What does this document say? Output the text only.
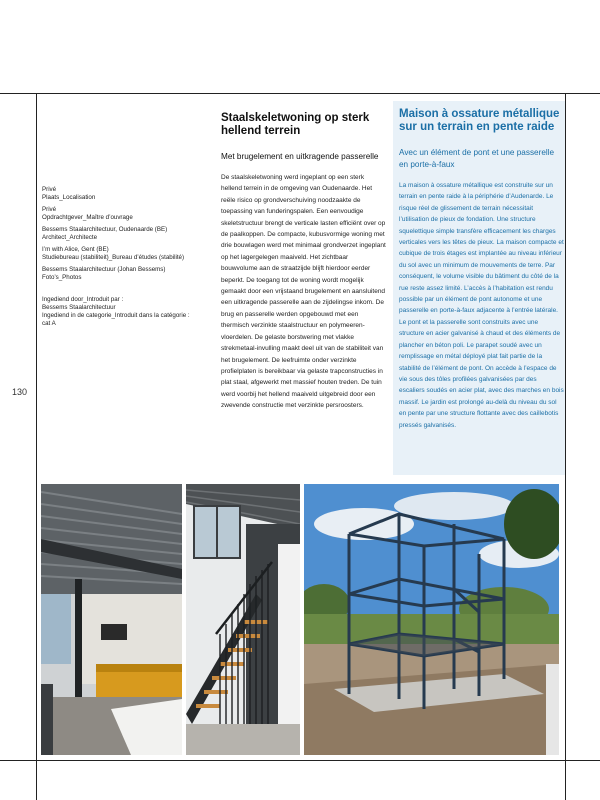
130
Privé
Plaats_Localisation
Privé
Opdrachtgever_Maître d’ouvrage
Bessems Staalarchitectuur, Oudenaarde (BE)
Architect_Architecte
I’m with Alice, Gent (BE)
Studiebureau (stabiliteit)_Bureau d’études (stabilité)
Bessems Staalarchitectuur (Johan Bessems)
Foto’s_Photos
Ingediend door_Introduit par :
Bessems Staalarchitectuur
Ingediend in de categorie_Introduit dans la catégorie :
cat A
Staalskeletwoning op sterk hellend terrein

Met brugelement en uitkragende passerelle

De staalskeletwoning werd ingeplant op een sterk hellend terrein in de omgeving van Oudenaarde. Het reële risico op grondverschuiving noodzaakte de toepassing van funderingspalen. Een eenvoudige skeletstructuur brengt de verticale lasten efficiënt over op de paalkoppen. De compacte, kubusvormige woning met drie bouwlagen werd met minimaal grondverzet ingeplant op het lagergelegen maaiveld. Het zichtbaar bouwvolume aan de straatzijde blijft hierdoor eerder beperkt. De toegang tot de woning wordt mogelijk gemaakt door een vrijstaand brugelement en aansluitend een uitkragende passerelle aan de zijdelingse inkom. De brug en passerelle werden opgebouwd met een thermisch verzinkte staalstructuur en polymeeren-vloerdelen. De gelaste borstwering met vlakke strekmetaal-invulling maakt deel uit van de stabiliteit van het brugelement. De leefruimte onder verzinkte profielplaten is bereikbaar via gelaste trapconstructies in plat staal, afgewerkt met massief houten treden. De tuin werd voorbij het hellend maaiveld uitgebreid door een zwevende constructie met verzinkte persroosters.

Maison à ossature métallique sur un terrain en pente raide

Avec un élément de pont et une passerelle en porte-à-faux

La maison à ossature métallique est construite sur un terrain en pente raide à la périphérie d’Audenarde. Le risque réel de glissement de terrain nécessitait l’utilisation de pieux de fondation. Une structure squelettique simple transfère efficacement les charges verticales vers les têtes de pieux. La maison compacte et cubique de trois étages est implantée au niveau inférieur du sol avec un minimum de mouvements de terre. Par conséquent, le volume visible du bâtiment du côté de la rue reste assez limité. L’accès à l’habitation est rendu possible par un élément de pont autonome et une passerelle en porte-à-faux adjacente à l’entrée latérale. Le pont et la passerelle sont construits avec une structure en acier galvanisé à chaud et des éléments de plancher en béton poli. Le parapet soudé avec un remplissage en métal déployé plat fait partie de la stabilité de l’élément de pont. On accède à l’espace de vie sous des tôles profilées galvanisées par des escaliers soudés en acier plat, avec des marches en bois massif. Le jardin est prolongé au-delà du niveau du sol en pente par une structure flottante avec des caillebotis pressés galvanisés.
